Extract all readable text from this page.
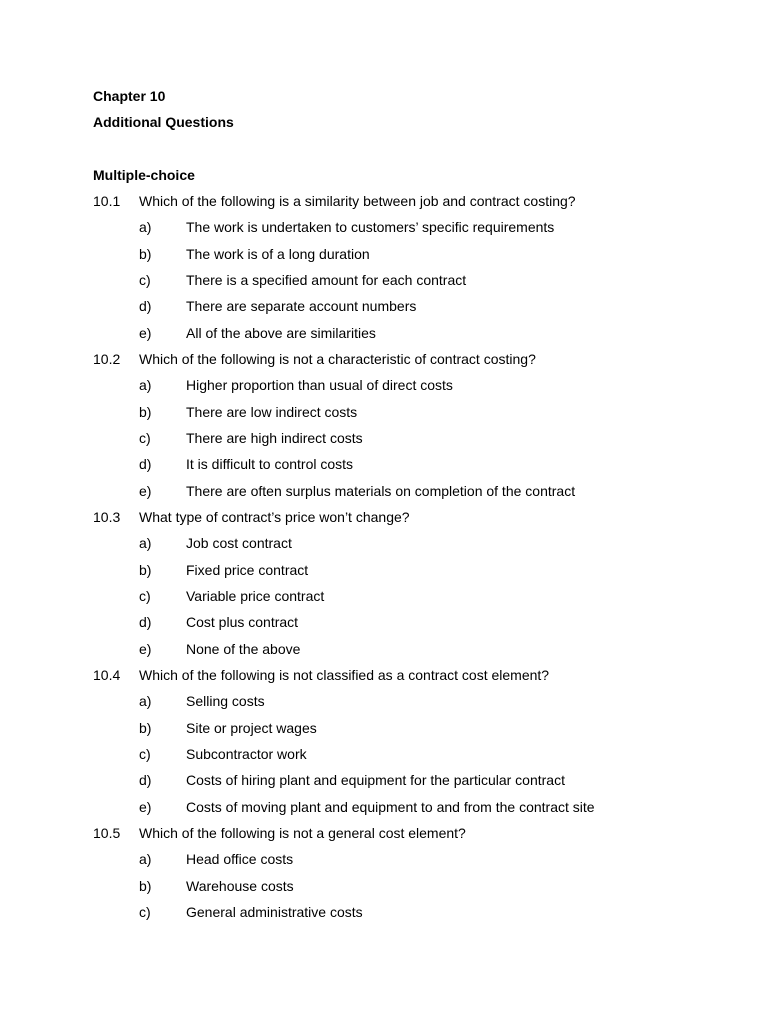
Chapter 10
Additional Questions
Multiple-choice
10.1 Which of the following is a similarity between job and contract costing?
a) The work is undertaken to customers’ specific requirements
b) The work is of a long duration
c)	There is a specified amount for each contract
d) There are separate account numbers
e) All of the above are similarities
10.2 Which of the following is not a characteristic of contract costing?
a) Higher proportion than usual of direct costs
b) There are low indirect costs
c)	There are high indirect costs
d) It is difficult to control costs
e) There are often surplus materials on completion of the contract
10.3 What type of contract’s price won’t change?
a) Job cost contract
b) Fixed price contract
c)	Variable price contract
d) Cost plus contract
e) None of the above
10.4 Which of the following is not classified as a contract cost element?
a) Selling costs
b) Site or project wages
c)	Subcontractor work
d) Costs of hiring plant and equipment for the particular contract
e) Costs of moving plant and equipment to and from the contract site
10.5 Which of the following is not a general cost element?
a) Head office costs
b) Warehouse costs
c)	General administrative costs
